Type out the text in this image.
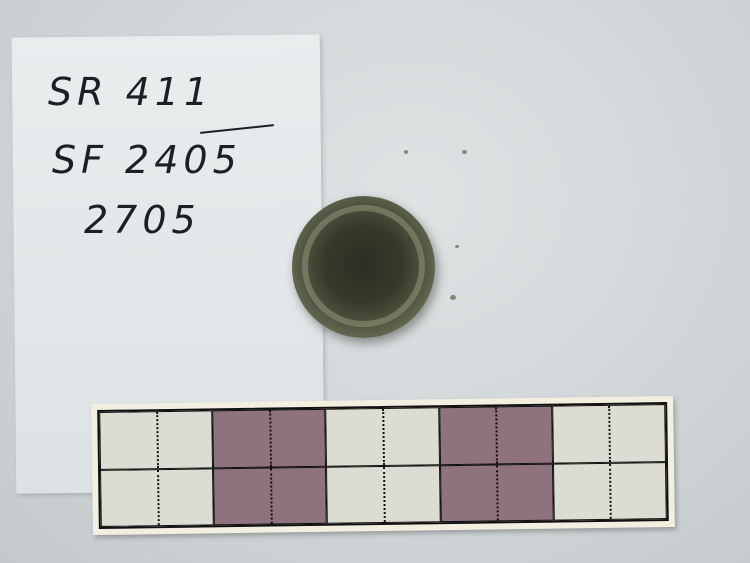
SR 411
SF 2405
2705
